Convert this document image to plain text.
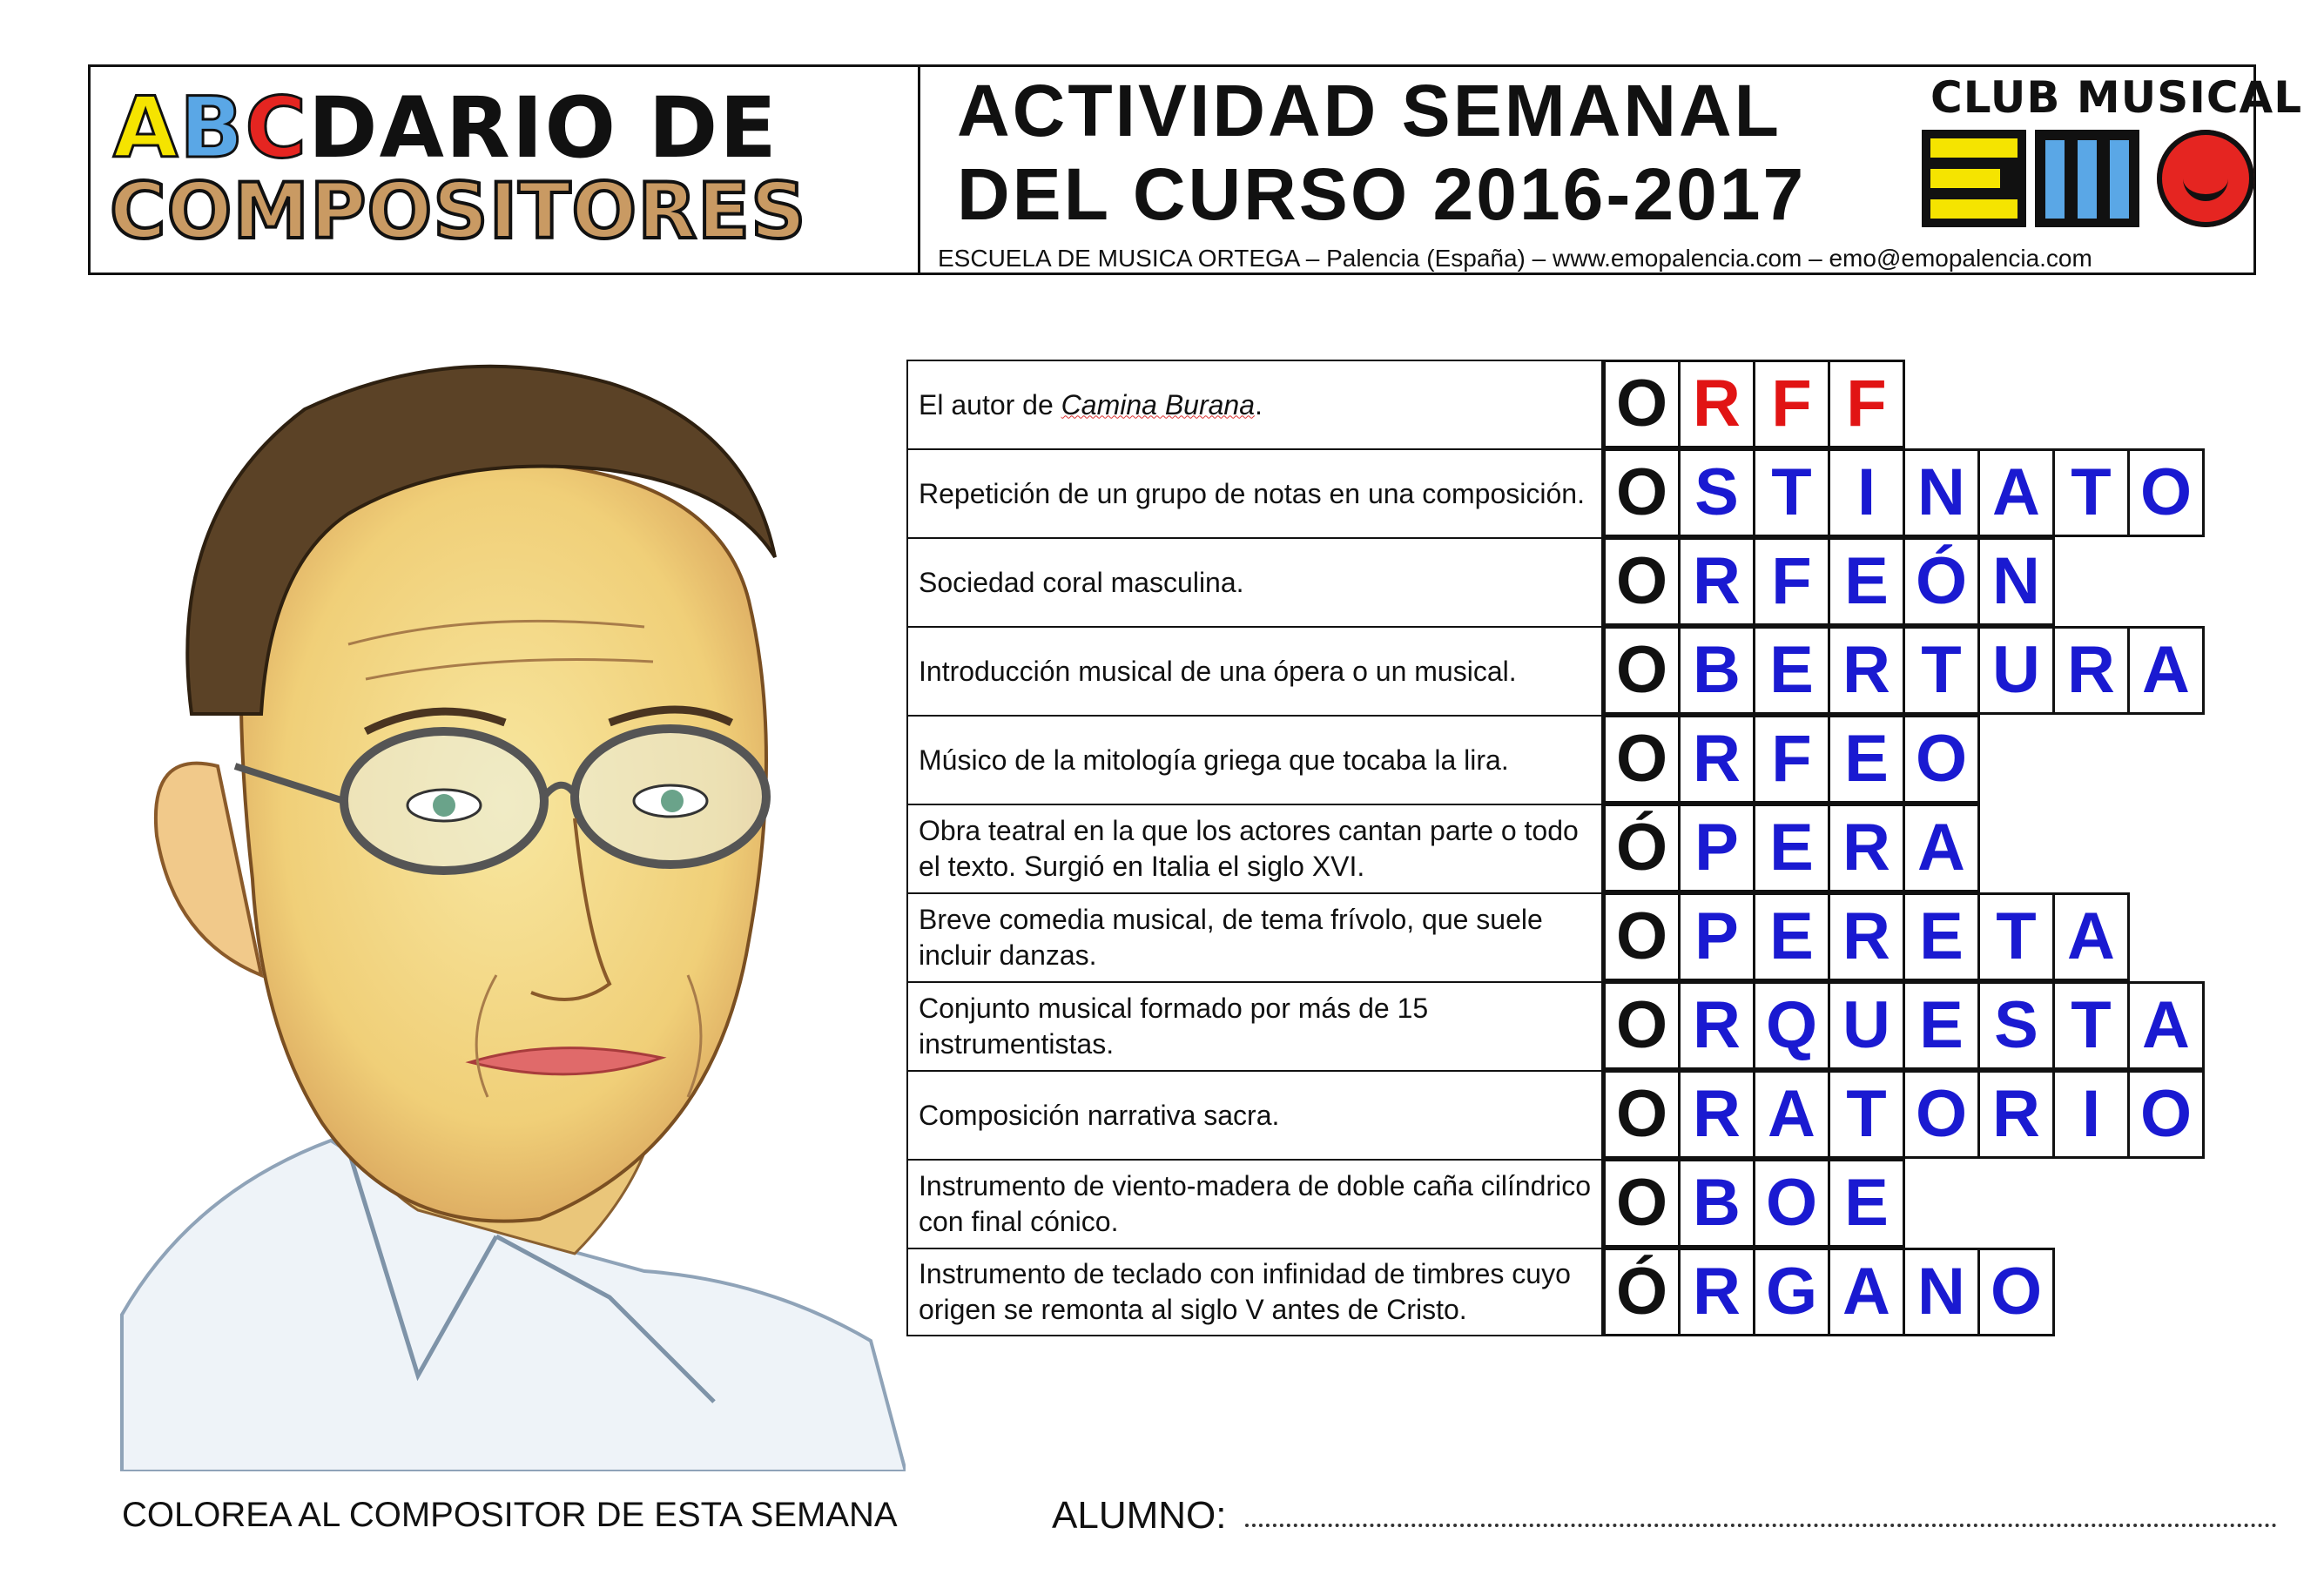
ABCDARIO DE
COMPOSITORES
ACTIVIDAD SEMANAL
DEL CURSO 2016-2017
ESCUELA DE MUSICA ORTEGA – Palencia (España) – www.emopalencia.com – emo@emopalencia.com
CLUB MUSICAL
El autor de Camina Burana.	O R F F
Repetición de un grupo de notas en una composición. O S T I N A T O
Sociedad coral masculina.	O R F E Ó N
Introducción musical de una ópera o un musical. O B E R T U R A
Músico de la mitología griega que tocaba la lira. O R F E O
Obra teatral en la que los actores cantan parte o todo el texto. Surgió en Italia el siglo XVI.	Ó P E R A
Breve comedia musical, de tema frívolo, que suele incluir danzas.	O P E R E T A
Conjunto musical formado por más de 15 instrumentistas.	O R Q U E S T A
Composición narrativa sacra.	O R A T O R I O
Instrumento de viento-madera de doble caña cilíndrico con final cónico.	O B O E
Instrumento de teclado con infinidad de timbres cuyo origen se remonta al siglo V antes de Cristo.	Ó R G A N O
COLOREA AL COMPOSITOR DE ESTA SEMANA	ALUMNO:
